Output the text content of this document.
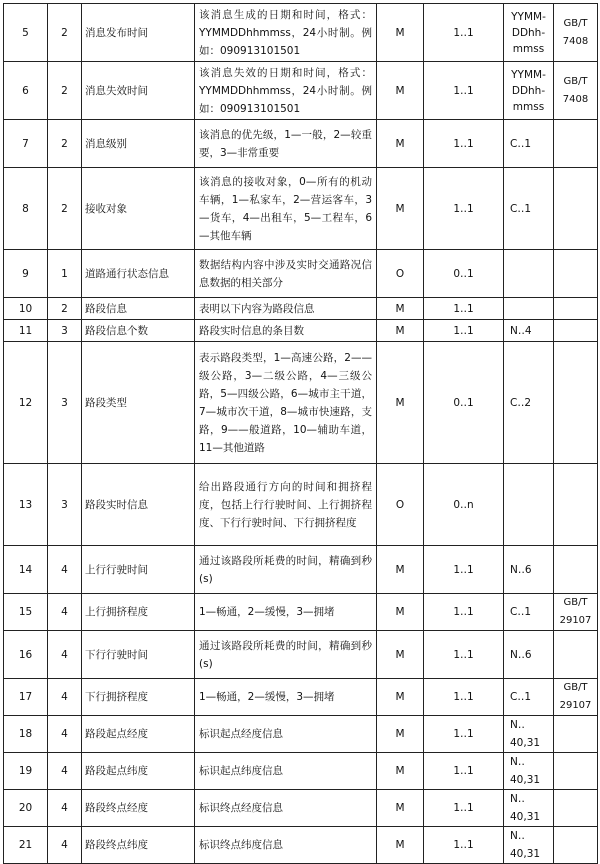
5	2	消息发布时间	该消息生成的日期和时间，格式：YYMMDDhhmmss，24小时制。例如：090913101501	M	1‥1	YYMM-DDhh-mmss	GB/T 7408
6	2	消息失效时间	该消息失效的日期和时间，格式：YYMMDDhhmmss，24小时制。例如：090913101501	M	1‥1	YYMM-DDhh-mmss	GB/T 7408
7	2	消息级别	该消息的优先级，1—一般，2—较重要，3—非常重要	M	1‥1	C‥1	
8	2	接收对象	该消息的接收对象，0—所有的机动车辆，1—私家车，2—营运客车，3—货车，4—出租车，5—工程车，6—其他车辆	M	1‥1	C‥1	
9	1	道路通行状态信息	数据结构内容中涉及实时交通路况信息数据的相关部分	O	0‥1		
10	2	路段信息	表明以下内容为路段信息	M	1‥1		
11	3	路段信息个数	路段实时信息的条目数	M	1‥1	N‥4	
12	3	路段类型	表示路段类型，1—高速公路，2——级公路，3—二级公路，4—三级公路，5—四级公路，6—城市主干道，7—城市次干道，8—城市快速路，支路，9——般道路，10—辅助车道，11—其他道路	M	0‥1	C‥2	
13	3	路段实时信息	给出路段通行方向的时间和拥挤程度，包括上行行驶时间、上行拥挤程度、下行行驶时间、下行拥挤程度	O	0‥n		
14	4	上行行驶时间	通过该路段所耗费的时间，精确到秒(s)	M	1‥1	N‥6	
15	4	上行拥挤程度	1—畅通，2—缓慢，3—拥堵	M	1‥1	C‥1	GB/T 29107
16	4	下行行驶时间	通过该路段所耗费的时间，精确到秒(s)	M	1‥1	N‥6	
17	4	下行拥挤程度	1—畅通，2—缓慢，3—拥堵	M	1‥1	C‥1	GB/T 29107
18	4	路段起点经度	标识起点经度信息	M	1‥1	N‥40,31	
19	4	路段起点纬度	标识起点纬度信息	M	1‥1	N‥40,31	
20	4	路段终点经度	标识终点经度信息	M	1‥1	N‥40,31	
21	4	路段终点纬度	标识终点纬度信息	M	1‥1	N‥40,31	
